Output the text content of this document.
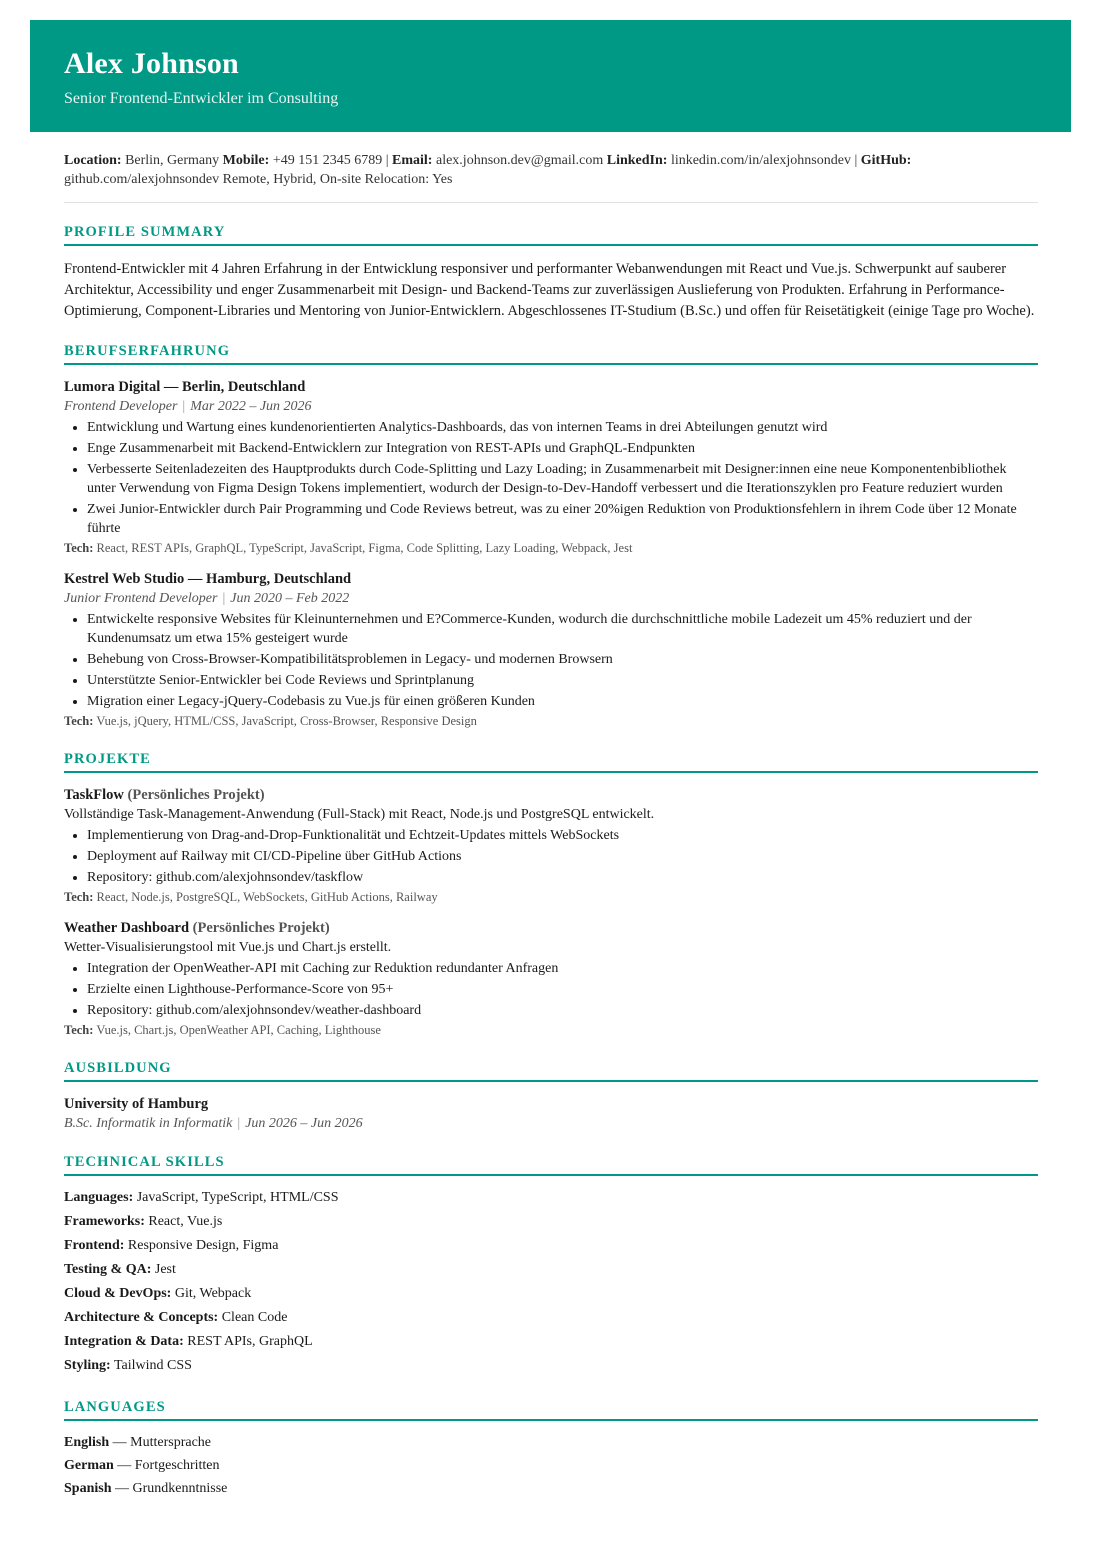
Alex Johnson
Senior Frontend-Entwickler im Consulting
Location: Berlin, Germany Mobile: +49 151 2345 6789 | Email: alex.johnson.dev@gmail.com LinkedIn: linkedin.com/in/alexjohnsondev | GitHub: github.com/alexjohnsondev Remote, Hybrid, On-site Relocation: Yes
PROFILE SUMMARY
Frontend-Entwickler mit 4 Jahren Erfahrung in der Entwicklung responsiver und performanter Webanwendungen mit React und Vue.js. Schwerpunkt auf sauberer Architektur, Accessibility und enger Zusammenarbeit mit Design- und Backend-Teams zur zuverlässigen Auslieferung von Produkten. Erfahrung in Performance-Optimierung, Component-Libraries und Mentoring von Junior-Entwicklern. Abgeschlossenes IT-Studium (B.Sc.) und offen für Reisetätigkeit (einige Tage pro Woche).
BERUFSERFAHRUNG
Lumora Digital — Berlin, Deutschland
Frontend Developer | Mar 2022 – Jun 2026
• Entwicklung und Wartung eines kundenorientierten Analytics-Dashboards, das von internen Teams in drei Abteilungen genutzt wird
• Enge Zusammenarbeit mit Backend-Entwicklern zur Integration von REST-APIs und GraphQL-Endpunkten
• Verbesserte Seitenladezeiten des Hauptprodukts durch Code-Splitting und Lazy Loading; in Zusammenarbeit mit Designer:innen eine neue Komponentenbibliothek unter Verwendung von Figma Design Tokens implementiert, wodurch der Design-to-Dev-Handoff verbessert und die Iterationszyklen pro Feature reduziert wurden
• Zwei Junior-Entwickler durch Pair Programming und Code Reviews betreut, was zu einer 20%igen Reduktion von Produktionsfehlern in ihrem Code über 12 Monate führte
Tech: React, REST APIs, GraphQL, TypeScript, JavaScript, Figma, Code Splitting, Lazy Loading, Webpack, Jest
Kestrel Web Studio — Hamburg, Deutschland
Junior Frontend Developer | Jun 2020 – Feb 2022
• Entwickelte responsive Websites für Kleinunternehmen und E?Commerce-Kunden, wodurch die durchschnittliche mobile Ladezeit um 45% reduziert und der Kundenumsatz um etwa 15% gesteigert wurde
• Behebung von Cross-Browser-Kompatibilitätsproblemen in Legacy- und modernen Browsern
• Unterstützte Senior-Entwickler bei Code Reviews und Sprintplanung
• Migration einer Legacy-jQuery-Codebasis zu Vue.js für einen größeren Kunden
Tech: Vue.js, jQuery, HTML/CSS, JavaScript, Cross-Browser, Responsive Design
PROJEKTE
TaskFlow (Persönliches Projekt)
Vollständige Task-Management-Anwendung (Full-Stack) mit React, Node.js und PostgreSQL entwickelt.
• Implementierung von Drag-and-Drop-Funktionalität und Echtzeit-Updates mittels WebSockets
• Deployment auf Railway mit CI/CD-Pipeline über GitHub Actions
• Repository: github.com/alexjohnsondev/taskflow
Tech: React, Node.js, PostgreSQL, WebSockets, GitHub Actions, Railway
Weather Dashboard (Persönliches Projekt)
Wetter-Visualisierungstool mit Vue.js und Chart.js erstellt.
• Integration der OpenWeather-API mit Caching zur Reduktion redundanter Anfragen
• Erzielte einen Lighthouse-Performance-Score von 95+
• Repository: github.com/alexjohnsondev/weather-dashboard
Tech: Vue.js, Chart.js, OpenWeather API, Caching, Lighthouse
AUSBILDUNG
University of Hamburg
B.Sc. Informatik in Informatik | Jun 2026 – Jun 2026
TECHNICAL SKILLS
Languages: JavaScript, TypeScript, HTML/CSS
Frameworks: React, Vue.js
Frontend: Responsive Design, Figma
Testing & QA: Jest
Cloud & DevOps: Git, Webpack
Architecture & Concepts: Clean Code
Integration & Data: REST APIs, GraphQL
Styling: Tailwind CSS
LANGUAGES
English — Muttersprache
German — Fortgeschritten
Spanish — Grundkenntnisse
